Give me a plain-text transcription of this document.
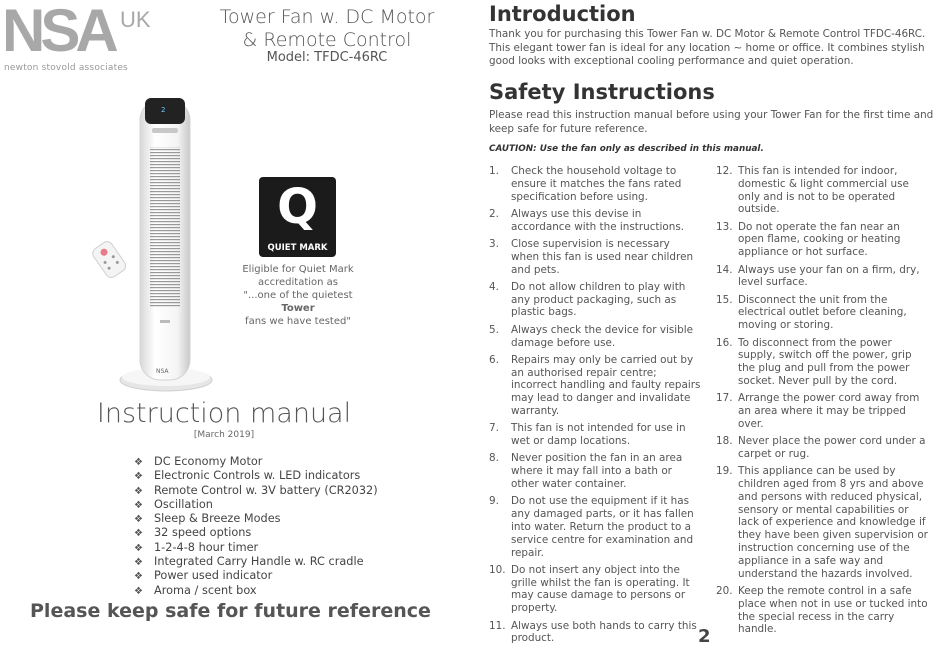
NSA UK
newton stovold associates
Tower Fan w. DC Motor
& Remote Control
Model: TFDC-46RC
2
NSA
Q
QUIET MARK
Eligible for Quiet Mark
accreditation as
"...one of the quietest Tower
fans we have tested"
Instruction manual
[March 2019]
❖ DC Economy Motor
❖ Electronic Controls w. LED indicators
❖ Remote Control w. 3V battery (CR2032)
❖ Oscillation
❖ Sleep & Breeze Modes
❖ 32 speed options
❖ 1-2-4-8 hour timer
❖ Integrated Carry Handle w. RC cradle
❖ Power used indicator
❖ Aroma / scent box
Please keep safe for future reference
Introduction
Thank you for purchasing this Tower Fan w. DC Motor & Remote Control TFDC-46RC. This elegant tower fan is ideal for any location ~ home or office. It combines stylish good looks with exceptional cooling performance and quiet operation.
Safety Instructions
Please read this instruction manual before using your Tower Fan for the first time and keep safe for future reference.
CAUTION: Use the fan only as described in this manual.
1.	Check the household voltage to ensure it matches the fans rated specification before using.
2.	Always use this devise in accordance with the instructions.
3.	Close supervision is necessary when this fan is used near children and pets.
4.	Do not allow children to play with any product packaging, such as plastic bags.
5.	Always check the device for visible damage before use.
6.	Repairs may only be carried out by an authorised repair centre; incorrect handling and faulty repairs may lead to danger and invalidate warranty.
7.	This fan is not intended for use in wet or damp locations.
8.	Never position the fan in an area where it may fall into a bath or other water container.
9.	Do not use the equipment if it has any damaged parts, or it has fallen into water. Return the product to a service centre for examination and repair.
10. Do not insert any object into the grille whilst the fan is operating. It may cause damage to persons or property.
11. Always use both hands to carry this product.
12. This fan is intended for indoor, domestic & light commercial use only and is not to be operated outside.
13. Do not operate the fan near an open flame, cooking or heating appliance or hot surface.
14. Always use your fan on a firm, dry, level surface.
15. Disconnect the unit from the electrical outlet before cleaning, moving or storing.
16. To disconnect from the power supply, switch off the power, grip the plug and pull from the power socket. Never pull by the cord.
17. Arrange the power cord away from an area where it may be tripped over.
18. Never place the power cord under a carpet or rug.
19. This appliance can be used by children aged from 8 yrs and above and persons with reduced physical, sensory or mental capabilities or lack of experience and knowledge if they have been given supervision or instruction concerning use of the appliance in a safe way and understand the hazards involved.
20. Keep the remote control in a safe place when not in use or tucked into the special recess in the carry handle.
2
